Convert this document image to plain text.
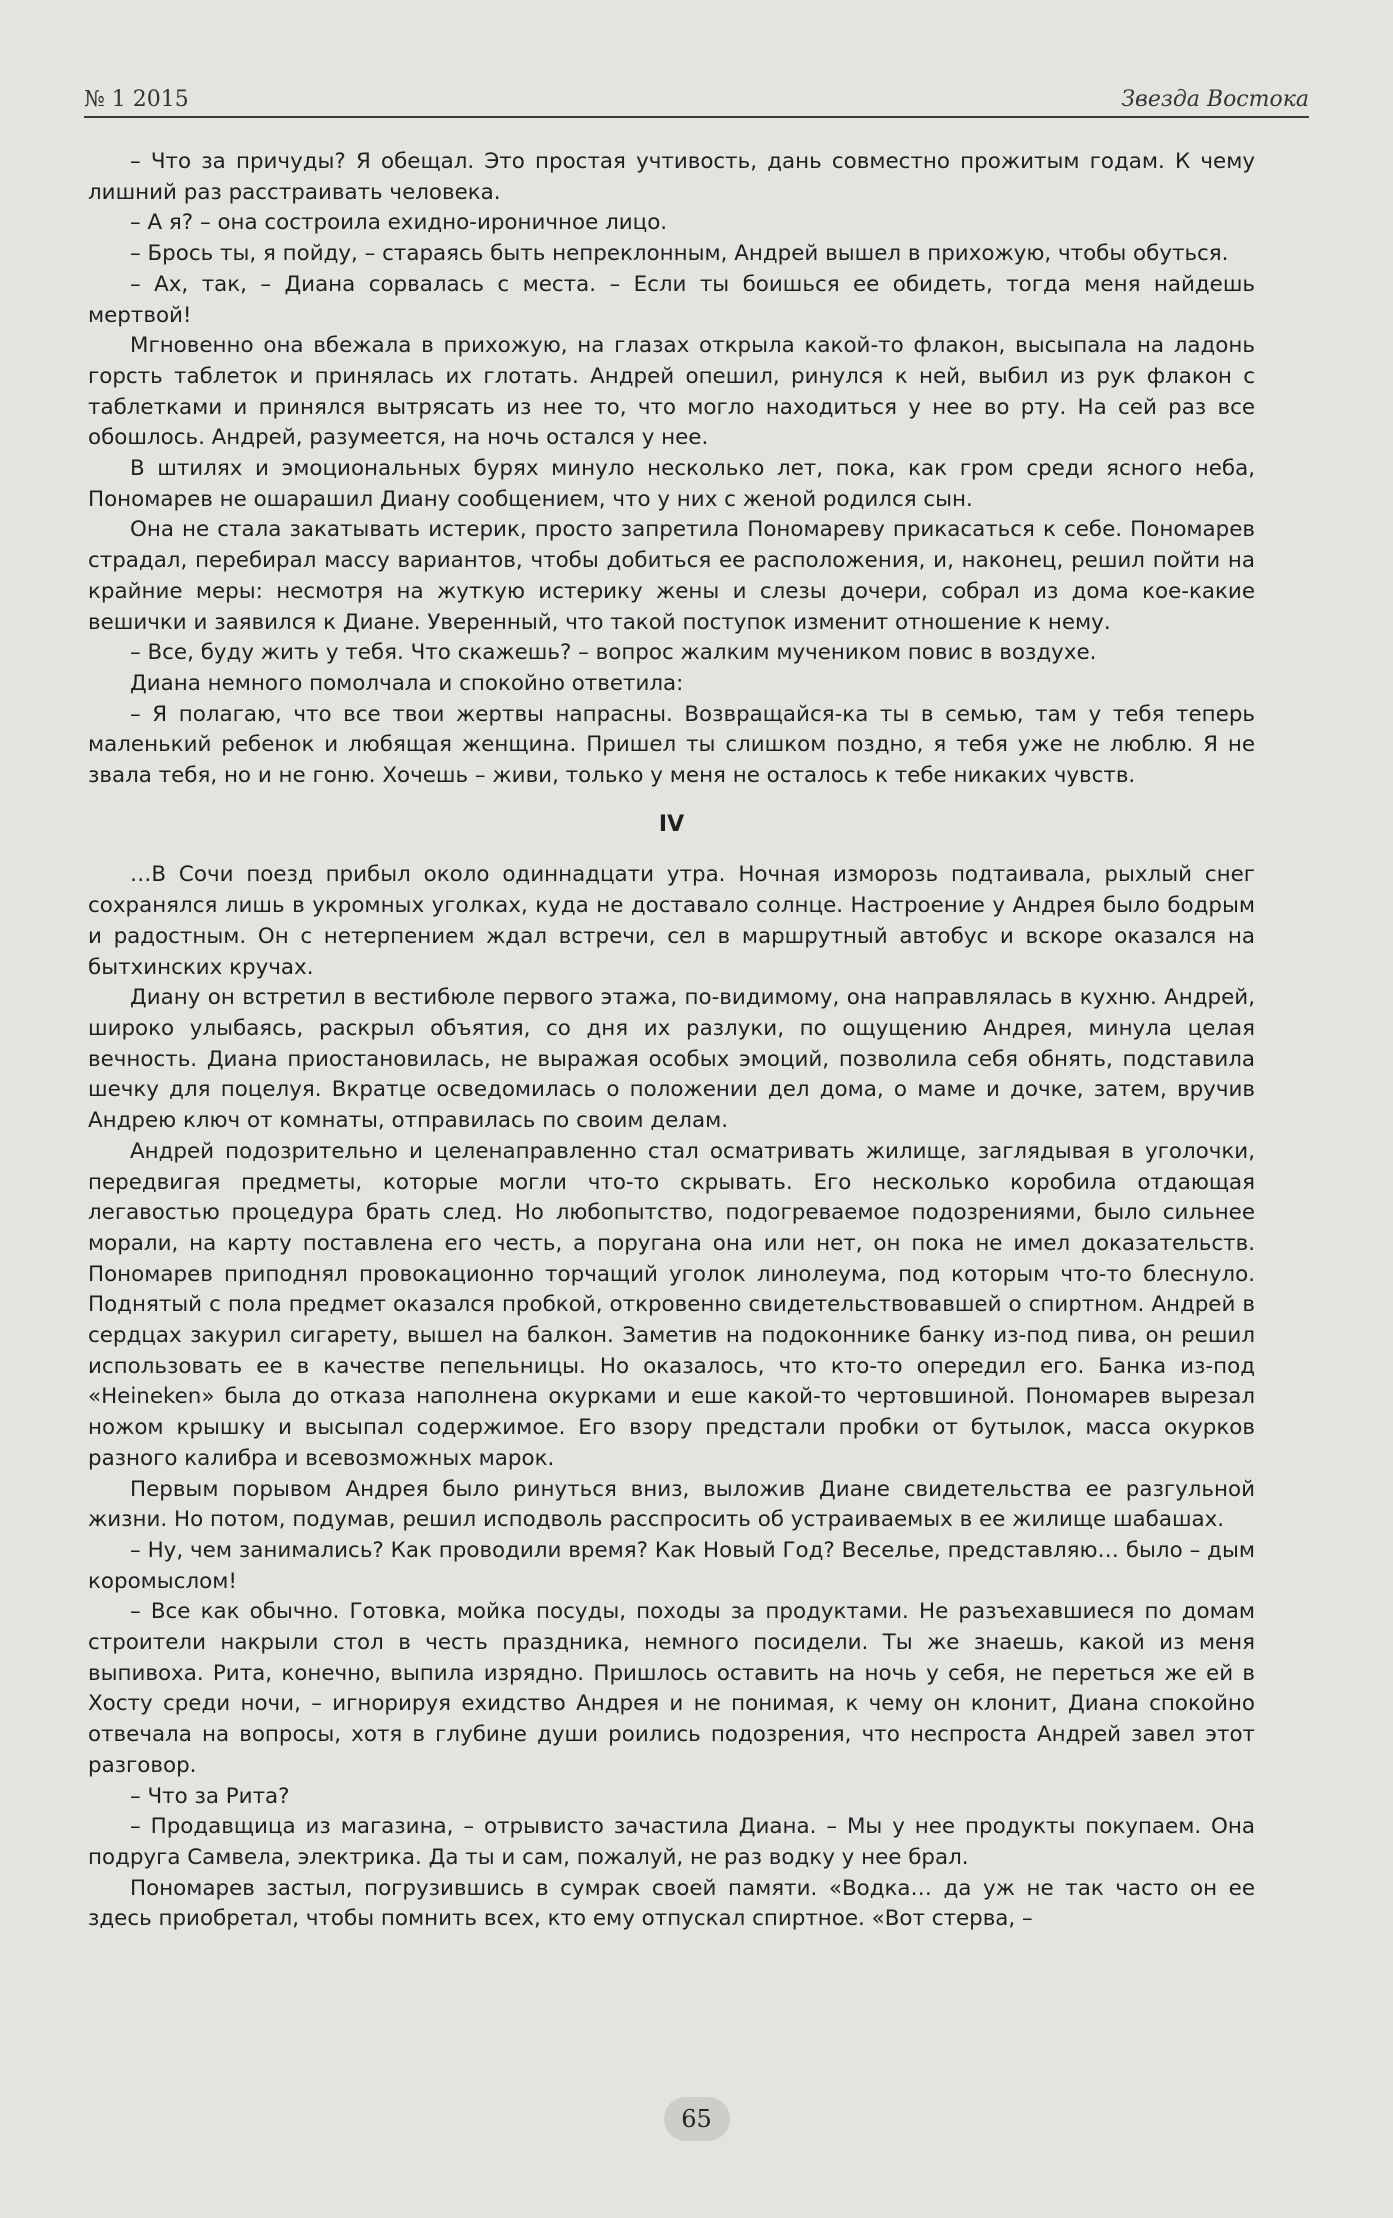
№ 1 2015	Звезда Востока

– Что за причуды? Я обещал. Это простая учтивость, дань совместно прожитым годам. К чему лишний раз расстраивать человека.

– А я? – она состроила ехидно-ироничное лицо.

– Брось ты, я пойду, – стараясь быть непреклонным, Андрей вышел в прихожую, чтобы обуться.

– Ах, так, – Диана сорвалась с места. – Если ты боишься ее обидеть, тогда меня найдешь мертвой!

Мгновенно она вбежала в прихожую, на глазах открыла какой-то флакон, высыпала на ладонь горсть таблеток и принялась их глотать. Андрей опешил, ринулся к ней, выбил из рук флакон с таблетками и принялся вытрясать из нее то, что могло находиться у нее во рту. На сей раз все обошлось. Андрей, разумеется, на ночь остался у нее.

В штилях и эмоциональных бурях минуло несколько лет, пока, как гром среди ясного неба, Пономарев не ошарашил Диану сообщением, что у них с женой родился сын.

Она не стала закатывать истерик, просто запретила Пономареву прикасаться к себе. Пономарев страдал, перебирал массу вариантов, чтобы добиться ее расположения, и, наконец, решил пойти на крайние меры: несмотря на жуткую истерику жены и слезы дочери, собрал из дома кое-какие вешички и заявился к Диане. Уверенный, что такой поступок изменит отношение к нему.

– Все, буду жить у тебя. Что скажешь? – вопрос жалким мучеником повис в воздухе.

Диана немного помолчала и спокойно ответила:

– Я полагаю, что все твои жертвы напрасны. Возвращайся-ка ты в семью, там у тебя теперь маленький ребенок и любящая женщина. Пришел ты слишком поздно, я тебя уже не люблю. Я не звала тебя, но и не гоню. Хочешь – живи, только у меня не осталось к тебе никаких чувств.

IV

…В Сочи поезд прибыл около одиннадцати утра. Ночная изморозь подтаивала, рыхлый снег сохранялся лишь в укромных уголках, куда не доставало солнце. Настроение у Андрея было бодрым и радостным. Он с нетерпением ждал встречи, сел в маршрутный автобус и вскоре оказался на бытхинских кручах.

Диану он встретил в вестибюле первого этажа, по-видимому, она направлялась в кухню. Андрей, широко улыбаясь, раскрыл объятия, со дня их разлуки, по ощущению Андрея, минула целая вечность. Диана приостановилась, не выражая особых эмоций, позволила себя обнять, подставила шечку для поцелуя. Вкратце осведомилась о положении дел дома, о маме и дочке, затем, вручив Андрею ключ от комнаты, отправилась по своим делам.

Андрей подозрительно и целенаправленно стал осматривать жилище, заглядывая в уголочки, передвигая предметы, которые могли что-то скрывать. Его несколько коробила отдающая легавостью процедура брать след. Но любопытство, подогреваемое подозрениями, было сильнее морали, на карту поставлена его честь, а поругана она или нет, он пока не имел доказательств. Пономарев приподнял провокационно торчащий уголок линолеума, под которым что-то блеснуло. Поднятый с пола предмет оказался пробкой, откровенно свидетельствовавшей о спиртном. Андрей в сердцах закурил сигарету, вышел на балкон. Заметив на подоконнике банку из-под пива, он решил использовать ее в качестве пепельницы. Но оказалось, что кто-то опередил его. Банка из-под «Heineken» была до отказа наполнена окурками и еше какой-то чертовшиной. Пономарев вырезал ножом крышку и высыпал содержимое. Его взору предстали пробки от бутылок, масса окурков разного калибра и всевозможных марок.

Первым порывом Андрея было ринуться вниз, выложив Диане свидетельства ее разгульной жизни. Но потом, подумав, решил исподволь расспросить об устраиваемых в ее жилище шабашах.

– Ну, чем занимались? Как проводили время? Как Новый Год? Веселье, представляю… было – дым коромыслом!

– Все как обычно. Готовка, мойка посуды, походы за продуктами. Не разъехавшиеся по домам строители накрыли стол в честь праздника, немного посидели. Ты же знаешь, какой из меня выпивоха. Рита, конечно, выпила изрядно. Пришлось оставить на ночь у себя, не переться же ей в Хосту среди ночи, – игнорируя ехидство Андрея и не понимая, к чему он клонит, Диана спокойно отвечала на вопросы, хотя в глубине души роились подозрения, что неспроста Андрей завел этот разговор.

– Что за Рита?

– Продавщица из магазина, – отрывисто зачастила Диана. – Мы у нее продукты покупаем. Она подруга Самвела, электрика. Да ты и сам, пожалуй, не раз водку у нее брал.

Пономарев застыл, погрузившись в сумрак своей памяти. «Водка… да уж не так часто он ее здесь приобретал, чтобы помнить всех, кто ему отпускал спиртное. «Вот стерва, –

65
